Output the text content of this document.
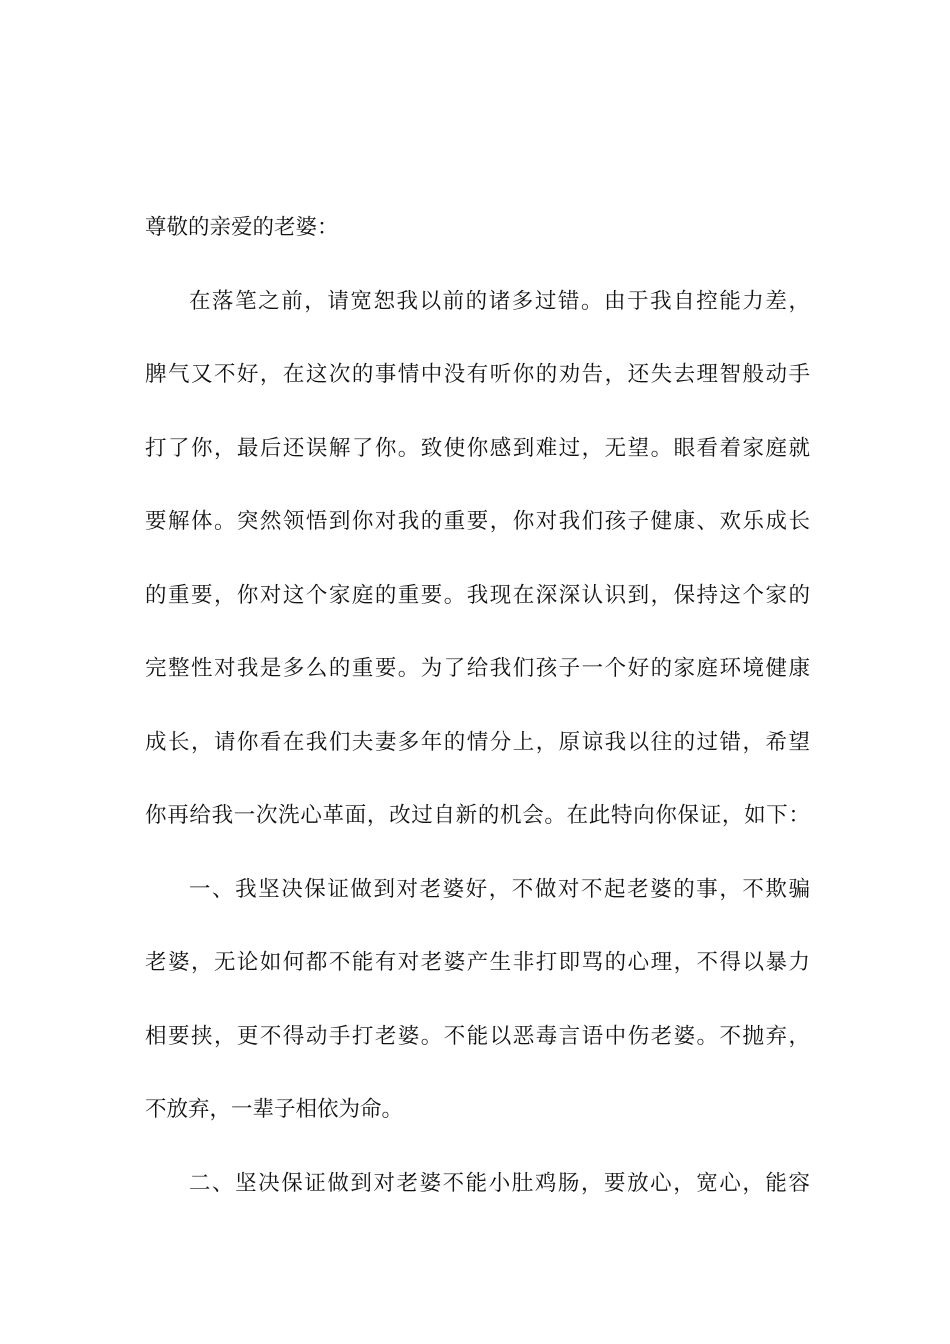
尊敬的亲爱的老婆：
在落笔之前，请宽恕我以前的诸多过错。由于我自控能力差，
脾气又不好，在这次的事情中没有听你的劝告，还失去理智般动手
打了你，最后还误解了你。致使你感到难过，无望。眼看着家庭就
要解体。突然领悟到你对我的重要，你对我们孩子健康、欢乐成长
的重要，你对这个家庭的重要。我现在深深认识到，保持这个家的
完整性对我是多么的重要。为了给我们孩子一个好的家庭环境健康
成长，请你看在我们夫妻多年的情分上，原谅我以往的过错，希望
你再给我一次洗心革面，改过自新的机会。在此特向你保证，如下：
一、我坚决保证做到对老婆好，不做对不起老婆的事，不欺骗
老婆，无论如何都不能有对老婆产生非打即骂的心理，不得以暴力
相要挟，更不得动手打老婆。不能以恶毒言语中伤老婆。不抛弃，
不放弃，一辈子相依为命。
二、坚决保证做到对老婆不能小肚鸡肠，要放心，宽心，能容
